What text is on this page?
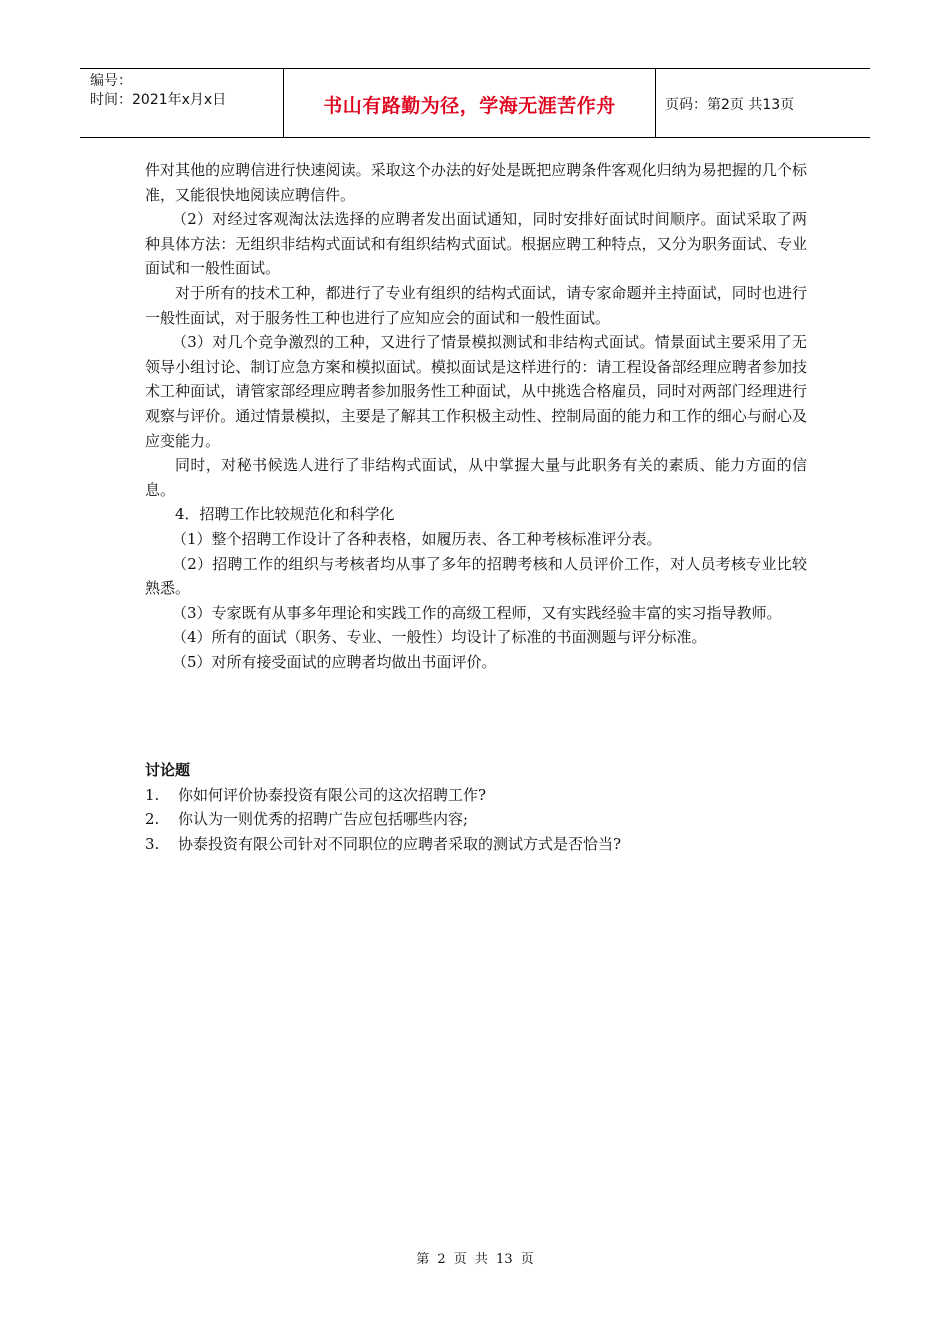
编号：
时间：2021年x月x日	书山有路勤为径，学海无涯苦作舟	页码：第2页 共13页

件对其他的应聘信进行快速阅读。采取这个办法的好处是既把应聘条件客观化归纳为易把握的几个标准，又能很快地阅读应聘信件。

（2）对经过客观淘汰法选择的应聘者发出面试通知，同时安排好面试时间顺序。面试采取了两种具体方法：无组织非结构式面试和有组织结构式面试。根据应聘工种特点，又分为职务面试、专业面试和一般性面试。

对于所有的技术工种，都进行了专业有组织的结构式面试，请专家命题并主持面试，同时也进行一般性面试，对于服务性工种也进行了应知应会的面试和一般性面试。

（3）对几个竞争激烈的工种，又进行了情景模拟测试和非结构式面试。情景面试主要采用了无领导小组讨论、制订应急方案和模拟面试。模拟面试是这样进行的：请工程设备部经理应聘者参加技术工种面试，请管家部经理应聘者参加服务性工种面试，从中挑选合格雇员，同时对两部门经理进行观察与评价。通过情景模拟，主要是了解其工作积极主动性、控制局面的能力和工作的细心与耐心及应变能力。

同时，对秘书候选人进行了非结构式面试，从中掌握大量与此职务有关的素质、能力方面的信息。

4．招聘工作比较规范化和科学化

（1）整个招聘工作设计了各种表格，如履历表、各工种考核标准评分表。

（2）招聘工作的组织与考核者均从事了多年的招聘考核和人员评价工作，对人员考核专业比较熟悉。

（3）专家既有从事多年理论和实践工作的高级工程师，又有实践经验丰富的实习指导教师。

（4）所有的面试（职务、专业、一般性）均设计了标准的书面测题与评分标准。

（5）对所有接受面试的应聘者均做出书面评价。

讨论题
1. 你如何评价协泰投资有限公司的这次招聘工作?
2. 你认为一则优秀的招聘广告应包括哪些内容;
3. 协泰投资有限公司针对不同职位的应聘者采取的测试方式是否恰当?
第 2 页 共 13 页
